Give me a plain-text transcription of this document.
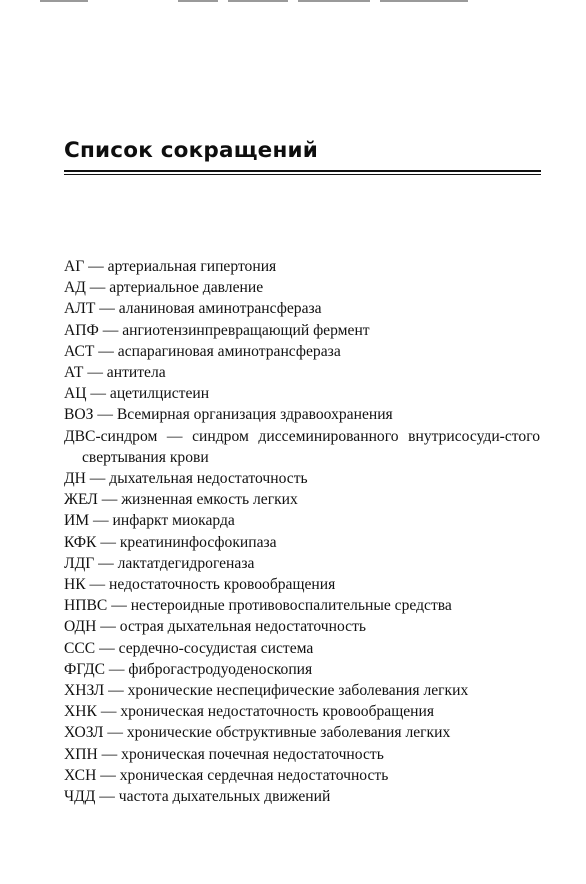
Список сокращений
АГ — артериальная гипертония
АД — артериальное давление
АЛТ — аланиновая аминотрансфераза
АПФ — ангиотензинпревращающий фермент
АСТ — аспарагиновая аминотрансфераза
АТ — антитела
АЦ — ацетилцистеин
ВОЗ — Всемирная организация здравоохранения
ДВС-синдром — синдром диссеминированного внутрисосуди-стого свертывания крови
ДН — дыхательная недостаточность
ЖЕЛ — жизненная емкость легких
ИМ — инфаркт миокарда
КФК — креатининфосфокипаза
ЛДГ — лактатдегидрогеназа
НК — недостаточность кровообращения
НПВС — нестероидные противовоспалительные средства
ОДН — острая дыхательная недостаточность
ССС — сердечно-сосудистая система
ФГДС — фиброгастродуоденоскопия
ХНЗЛ — хронические неспецифические заболевания легких
ХНК — хроническая недостаточность кровообращения
ХОЗЛ — хронические обструктивные заболевания легких
ХПН — хроническая почечная недостаточность
ХСН — хроническая сердечная недостаточность
ЧДД — частота дыхательных движений
